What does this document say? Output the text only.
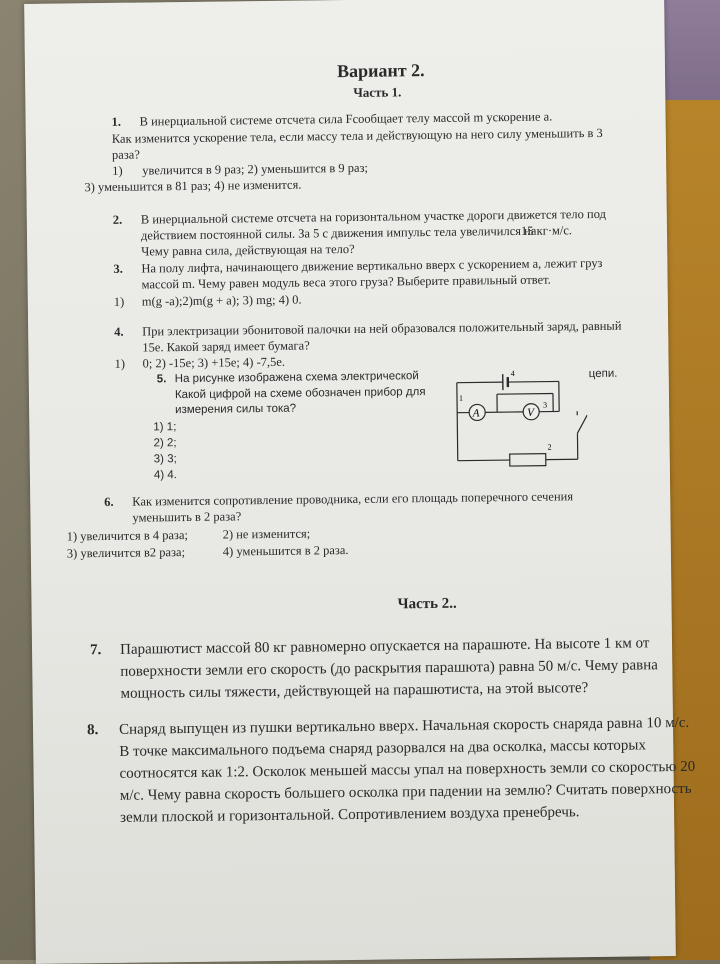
Вариант 2.
Часть 1.
1. В инерциальной системе отсчета сила Fсообщает телу массой m ускорение a.
Как изменится ускорение тела, если массу тела и действующую на него силу уменьшить в 3
раза?
1) увеличится в 9 раз; 2) уменьшится в 9 раз;
3) уменьшится в 81 раз; 4) не изменится.
2. В инерциальной системе отсчета на горизонтальном участке дороги движется тело под
действием постоянной силы. За 5 с движения импульс тела увеличился на
15 кг·м/с.
Чему равна сила, действующая на тело?
3. На полу лифта, начинающего движение вертикально вверх с ускорением a, лежит груз
массой m. Чему равен модуль веса этого груза? Выберите правильный ответ.
1) m(g -a);2)m(g + a); 3) mg; 4) 0.
4. При электризации эбонитовой палочки на ней образовался положительный заряд, равный
15e. Какой заряд имеет бумага?
1) 0; 2) -15e; 3) +15e; 4) -7,5e.
5. На рисунке изображена схема электрической	цепи.
Какой цифрой на схеме обозначен прибор для
измерения силы тока?
1) 1;
2) 2;
3) 3;
4) 4.
A	V
1
2
3
4
6. Как изменится сопротивление проводника, если его площадь поперечного сечения
уменьшить в 2 раза?
1) увеличится в 4 раза;	2) не изменится;
3) увеличится в2 раза;	4) уменьшится в 2 раза.
Часть 2..
7. Парашютист массой 80 кг равномерно опускается на парашюте. На высоте 1 км от
поверхности земли его скорость (до раскрытия парашюта) равна 50 м/с. Чему равна
мощность силы тяжести, действующей на парашютиста, на этой высоте?
8. Снаряд выпущен из пушки вертикально вверх. Начальная скорость снаряда равна 10 м/с.
В точке максимального подъема снаряд разорвался на два осколка, массы которых
соотносятся как 1:2. Осколок меньшей массы упал на поверхность земли со скоростью 20
м/с. Чему равна скорость большего осколка при падении на землю? Считать поверхность
земли плоской и горизонтальной. Сопротивлением воздуха пренебречь.
